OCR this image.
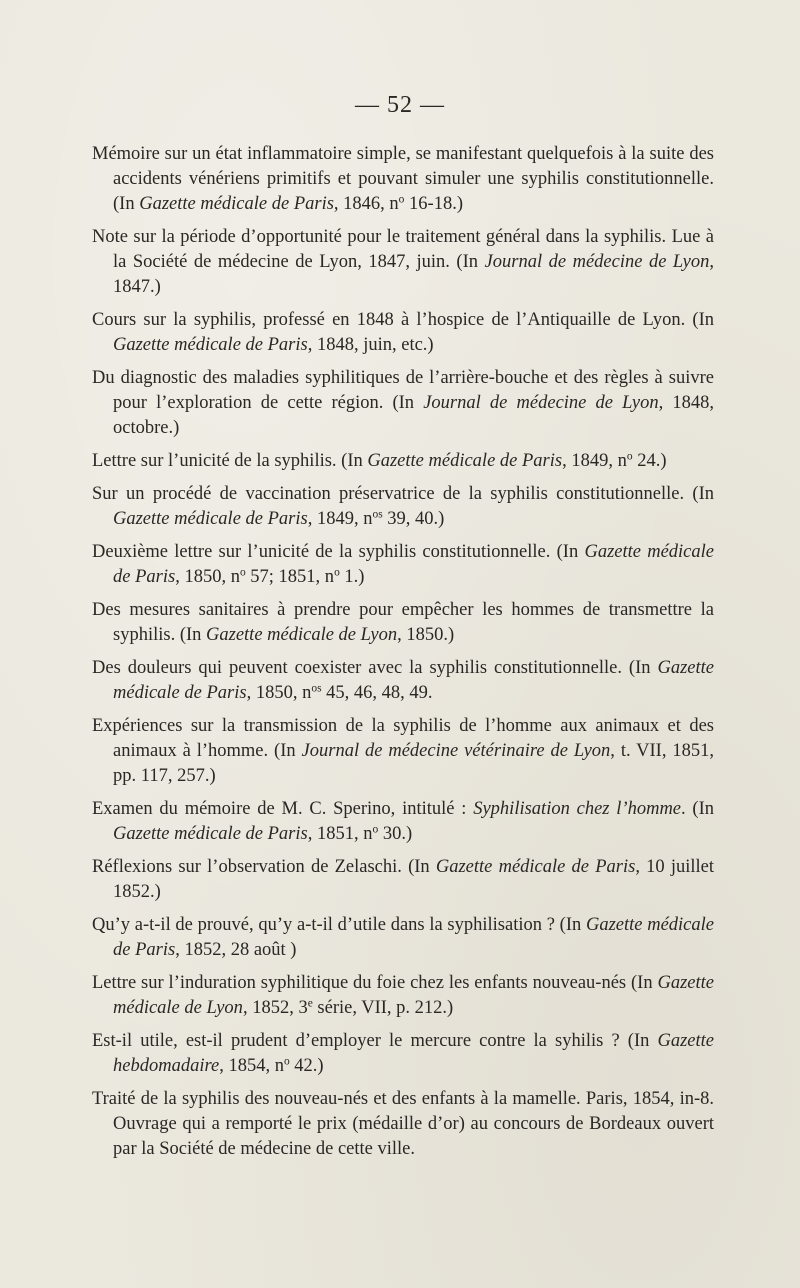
— 52 —

Mémoire sur un état inflammatoire simple, se manifestant quelquefois à la suite des accidents vénériens primitifs et pouvant simuler une syphilis constitutionnelle. (In Gazette médicale de Paris, 1846, $n^o$ 16-18.)

Note sur la période d’opportunité pour le traitement général dans la syphilis. Lue à la Société de médecine de Lyon, 1847, juin. (In Journal de médecine de Lyon, 1847.)

Cours sur la syphilis, professé en 1848 à l’hospice de l’Antiquaille de Lyon. (In Gazette médicale de Paris, 1848, juin, etc.)

Du diagnostic des maladies syphilitiques de l’arrière-bouche et des règles à suivre pour l’exploration de cette région. (In Journal de médecine de Lyon, 1848, octobre.)

Lettre sur l’unicité de la syphilis. (In Gazette médicale de Paris, 1849, $n^o$ 24.)

Sur un procédé de vaccination préservatrice de la syphilis constitutionnelle. (In Gazette médicale de Paris, 1849, $n^{os}$ 39, 40.)

Deuxième lettre sur l’unicité de la syphilis constitutionnelle. (In Gazette médicale de Paris, 1850, $n^o$ 57; 1851, $n^o$ 1.)

Des mesures sanitaires à prendre pour empêcher les hommes de transmettre la syphilis. (In Gazette médicale de Lyon, 1850.)

Des douleurs qui peuvent coexister avec la syphilis constitutionnelle. (In Gazette médicale de Paris, 1850, $n^{os}$ 45, 46, 48, 49.

Expériences sur la transmission de la syphilis de l’homme aux animaux et des animaux à l’homme. (In Journal de médecine vétérinaire de Lyon, t. VII, 1851, pp. 117, 257.)

Examen du mémoire de M. C. Sperino, intitulé : Syphilisation chez l’homme. (In Gazette médicale de Paris, 1851, $n^o$ 30.)

Réflexions sur l’observation de Zelaschi. (In Gazette médicale de Paris, 10 juillet 1852.)

Qu’y a-t-il de prouvé, qu’y a-t-il d’utile dans la syphilisation ? (In Gazette médicale de Paris, 1852, 28 août )

Lettre sur l’induration syphilitique du foie chez les enfants nouveau-nés (In Gazette médicale de Lyon, 1852, 3e série, VII, p. 212.)

Est-il utile, est-il prudent d’employer le mercure contre la syhilis ? (In Gazette hebdomadaire, 1854, $n^o$ 42.)

Traité de la syphilis des nouveau-nés et des enfants à la mamelle. Paris, 1854, in-8. Ouvrage qui a remporté le prix (médaille d’or) au concours de Bordeaux ouvert par la Société de médecine de cette ville.
